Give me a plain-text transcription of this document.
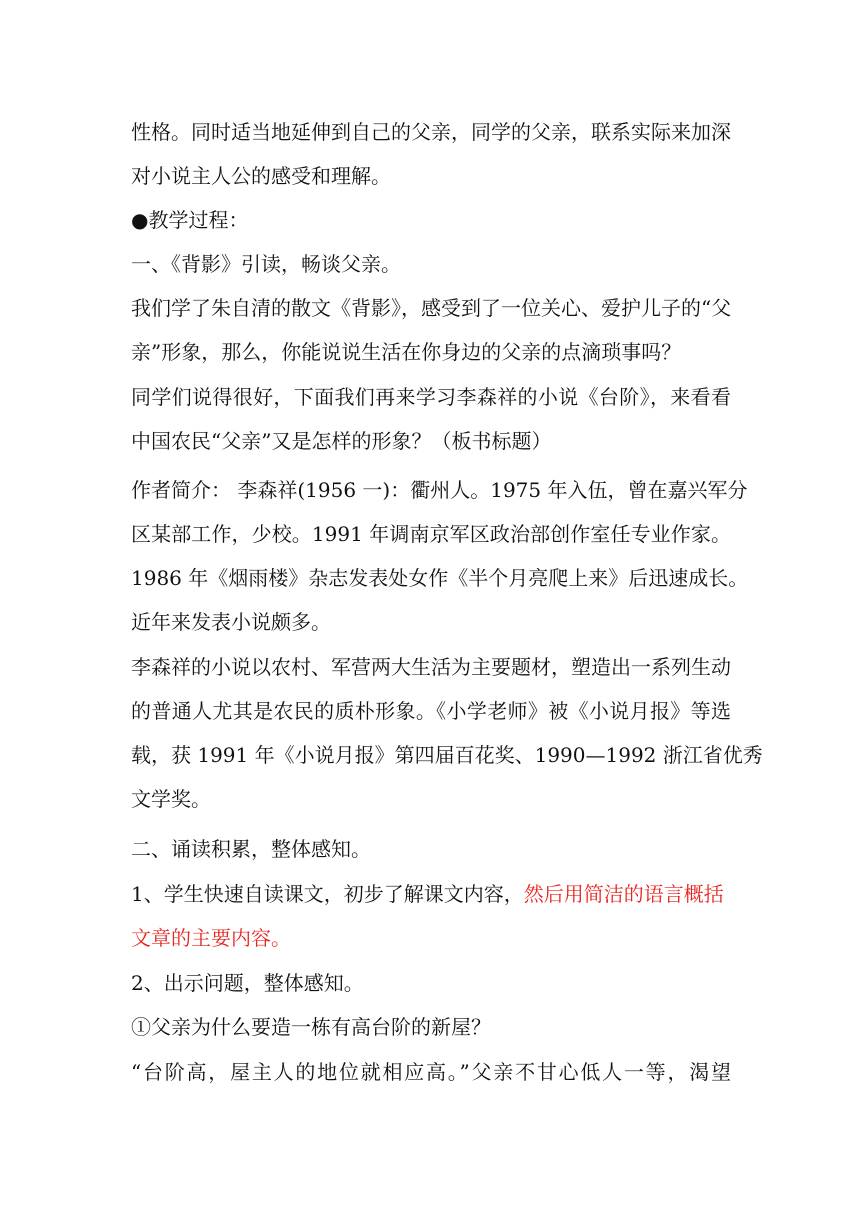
性格。同时适当地延伸到自己的父亲，同学的父亲，联系实际来加深
对小说主人公的感受和理解。
●教学过程：
一、《背影》引读，畅谈父亲。
我们学了朱自清的散文《背影》，感受到了一位关心、爱护儿子的“父
亲”形象，那么，你能说说生活在你身边的父亲的点滴琐事吗？
同学们说得很好，下面我们再来学习李森祥的小说《台阶》，来看看
中国农民“父亲”又是怎样的形象？（板书标题）
作者简介： 李森祥(1956 一)：衢州人。1975 年入伍，曾在嘉兴军分
区某部工作，少校。1991 年调南京军区政治部创作室任专业作家。
1986 年《烟雨楼》杂志发表处女作《半个月亮爬上来》后迅速成长。
近年来发表小说颇多。
李森祥的小说以农村、军营两大生活为主要题材，塑造出一系列生动
的普通人尤其是农民的质朴形象。《小学老师》被《小说月报》等选
载，获 1991 年《小说月报》第四届百花奖、1990—1992 浙江省优秀
文学奖。
二、诵读积累，整体感知。
1、学生快速自读课文，初步了解课文内容，然后用简洁的语言概括
文章的主要内容。
2、出示问题，整体感知。
①父亲为什么要造一栋有高台阶的新屋？
“台阶高，屋主人的地位就相应高。”父亲不甘心低人一等，渴望
